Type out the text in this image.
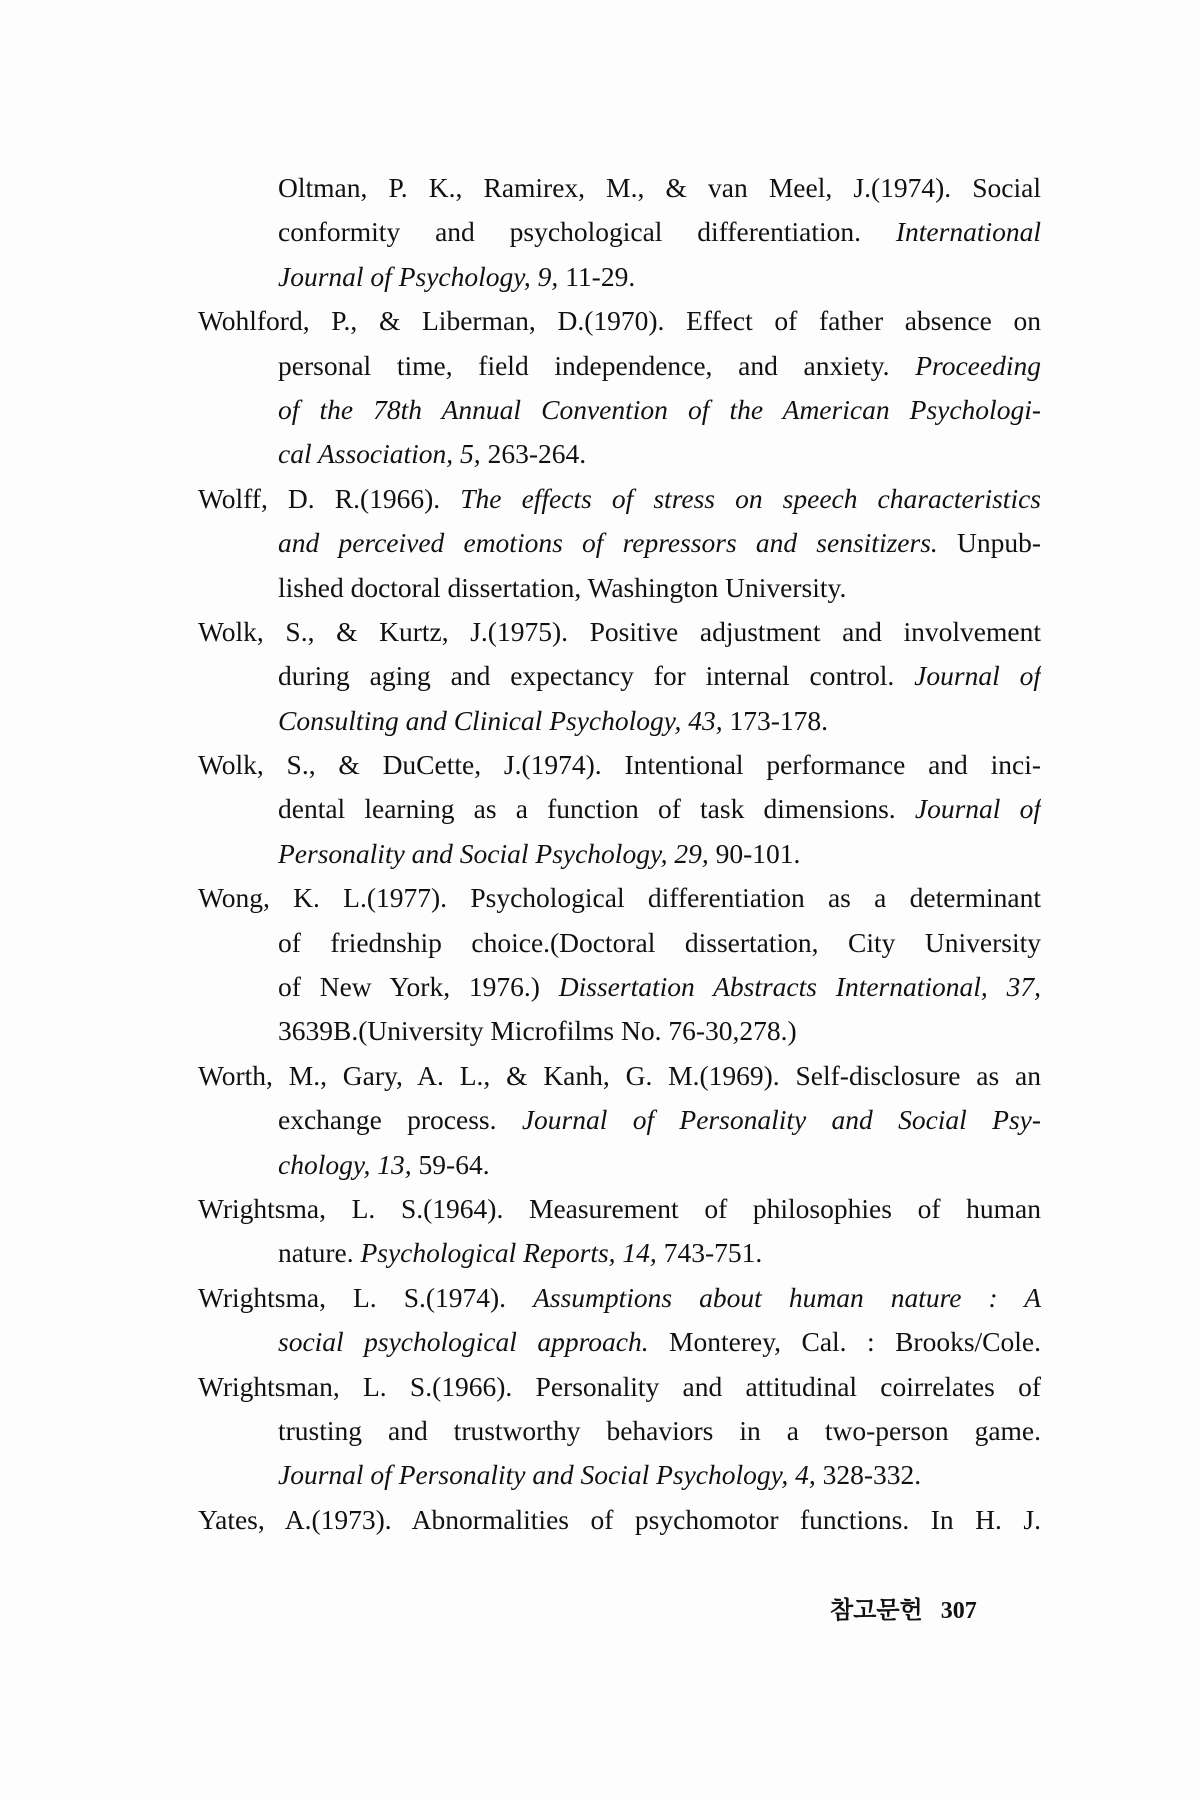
Oltman, P. K., Ramirex, M., & van Meel, J.(1974). Social
conformity and psychological differentiation. International
Journal of Psychology, 9, 11-29.
Wohlford, P., & Liberman, D.(1970). Effect of father absence on
personal time, field independence, and anxiety. Proceeding
of the 78th Annual Convention of the American Psychologi-
cal Association, 5, 263-264.
Wolff, D. R.(1966). The effects of stress on speech characteristics
and perceived emotions of repressors and sensitizers. Unpub-
lished doctoral dissertation, Washington University.
Wolk, S., & Kurtz, J.(1975). Positive adjustment and involvement
during aging and expectancy for internal control. Journal of
Consulting and Clinical Psychology, 43, 173-178.
Wolk, S., & DuCette, J.(1974). Intentional performance and inci-
dental learning as a function of task dimensions. Journal of
Personality and Social Psychology, 29, 90-101.
Wong, K. L.(1977). Psychological differentiation as a determinant
of friednship choice.(Doctoral dissertation, City University
of New York, 1976.) Dissertation Abstracts International, 37,
3639B.(University Microfilms No. 76-30,278.)
Worth, M., Gary, A. L., & Kanh, G. M.(1969). Self-disclosure as an
exchange process. Journal of Personality and Social Psy-
chology, 13, 59-64.
Wrightsma, L. S.(1964). Measurement of philosophies of human
nature. Psychological Reports, 14, 743-751.
Wrightsma, L. S.(1974). Assumptions about human nature : A
social psychological approach. Monterey, Cal. : Brooks/Cole.
Wrightsman, L. S.(1966). Personality and attitudinal coirrelates of
trusting and trustworthy behaviors in a two-person game.
Journal of Personality and Social Psychology, 4, 328-332.
Yates, A.(1973). Abnormalities of psychomotor functions. In H. J.
참고문헌 307
